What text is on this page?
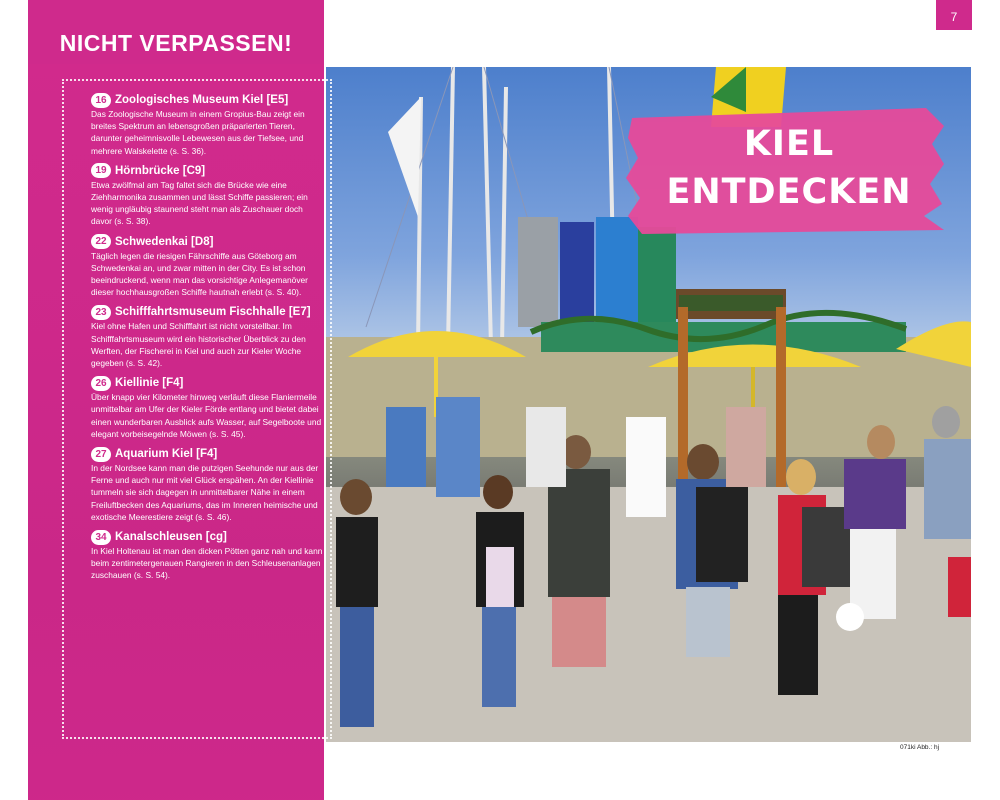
NICHT VERPASSEN!
16 Zoologisches Museum Kiel [E5]

Das Zoologische Museum in einem Gropius-Bau zeigt ein breites Spektrum an lebensgroßen präparierten Tieren, darunter geheimnisvolle Lebewesen aus der Tiefsee, und mehrere Walskelette (s. S. 36).

19 Hörnbrücke [C9]

Etwa zwölfmal am Tag faltet sich die Brücke wie eine Ziehharmonika zusammen und lässt Schiffe passieren; ein wenig ungläubig staunend steht man als Zuschauer doch davor (s. S. 38).

22 Schwedenkai [D8]

Täglich legen die riesigen Fährschiffe aus Göteborg am Schwedenkai an, und zwar mitten in der City. Es ist schon beeindruckend, wenn man das vorsichtige Anlegemanöver dieser hochhausgroßen Schiffe hautnah erlebt (s. S. 40).

23 Schifffahrtsmuseum Fischhalle [E7]

Kiel ohne Hafen und Schifffahrt ist nicht vorstellbar. Im Schifffahrtsmuseum wird ein historischer Überblick zu den Werften, der Fischerei in Kiel und auch zur Kieler Woche gegeben (s. S. 42).

26 Kiellinie [F4]

Über knapp vier Kilometer hinweg verläuft diese Flaniermeile unmittelbar am Ufer der Kieler Förde entlang und bietet dabei einen wunderbaren Ausblick aufs Wasser, auf Segelboote und elegant vorbeisegelnde Möwen (s. S. 45).

27 Aquarium Kiel [F4]

In der Nordsee kann man die putzigen Seehunde nur aus der Ferne und auch nur mit viel Glück erspähen. An der Kiellinie tummeln sie sich dagegen in unmittelbarer Nähe in einem Freiluftbecken des Aquariums, das im Inneren heimische und exotische Meerestiere zeigt (s. S. 46).

34 Kanalschleusen [cg]

In Kiel Holtenau ist man den dicken Pötten ganz nah und kann beim zentimetergenauen Rangieren in den Schleusenanlagen zuschauen (s. S. 54).

7
KIEL
ENTDECKEN
071ki Abb.: hj
